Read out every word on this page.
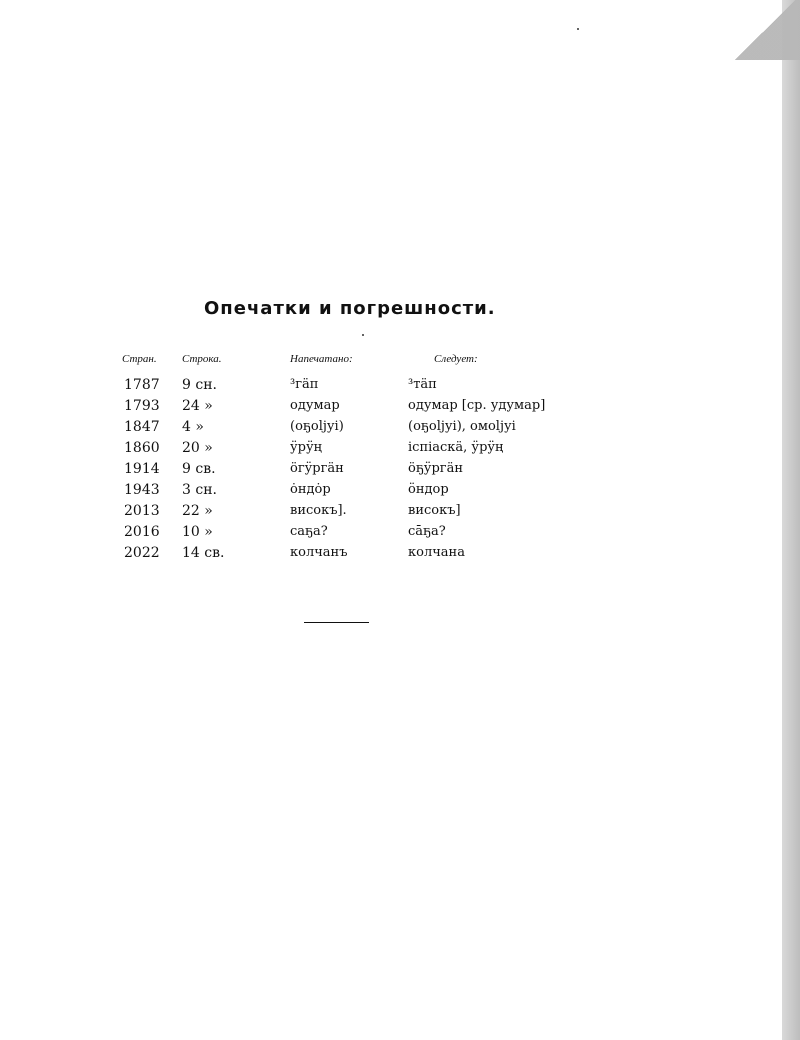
Опечатки и погрешности.
Стран.	Строка.	Напечатано:	Следует:
1787	9 сн.	³гäп	³тäп
1793	24 »	одумар	одумар [ср. удумар]
1847	4 »	(оҕоljуi)	(оҕоljуi), омоljуi
1860	20 »	ӱрӱң	iспiаскä, ӱрӱң
1914	9 св.	öгӱргäн	öҕӱргäн
1943	3 сн.	ȯндȯр	ӧндор
2013	22 »	високъ].	високъ]
2016	10 »	саҕа?	сāҕа?
2022	14 св.	колчанъ	колчана
